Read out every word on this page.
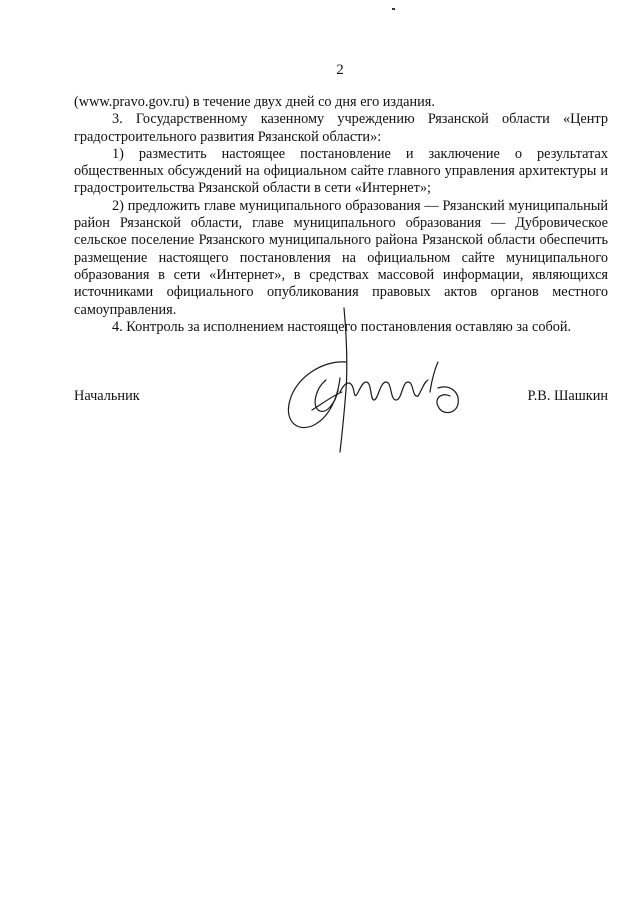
2

(www.pravo.gov.ru) в течение двух дней со дня его издания.

3. Государственному казенному учреждению Рязанской области «Центр градостроительного развития Рязанской области»:

1) разместить настоящее постановление и заключение о результатах общественных обсуждений на официальном сайте главного управления архитектуры и градостроительства Рязанской области в сети «Интернет»;

2) предложить главе муниципального образования — Рязанский муниципальный район Рязанской области, главе муниципального образования — Дубровическое сельское поселение Рязанского муниципального района Рязанской области обеспечить размещение настоящего постановления на официальном сайте муниципального образования в сети «Интернет», в средствах массовой информации, являющихся источниками официального опубликования правовых актов органов местного самоуправления.

4. Контроль за исполнением настоящего постановления оставляю за собой.

Начальник	Р.В. Шашкин
